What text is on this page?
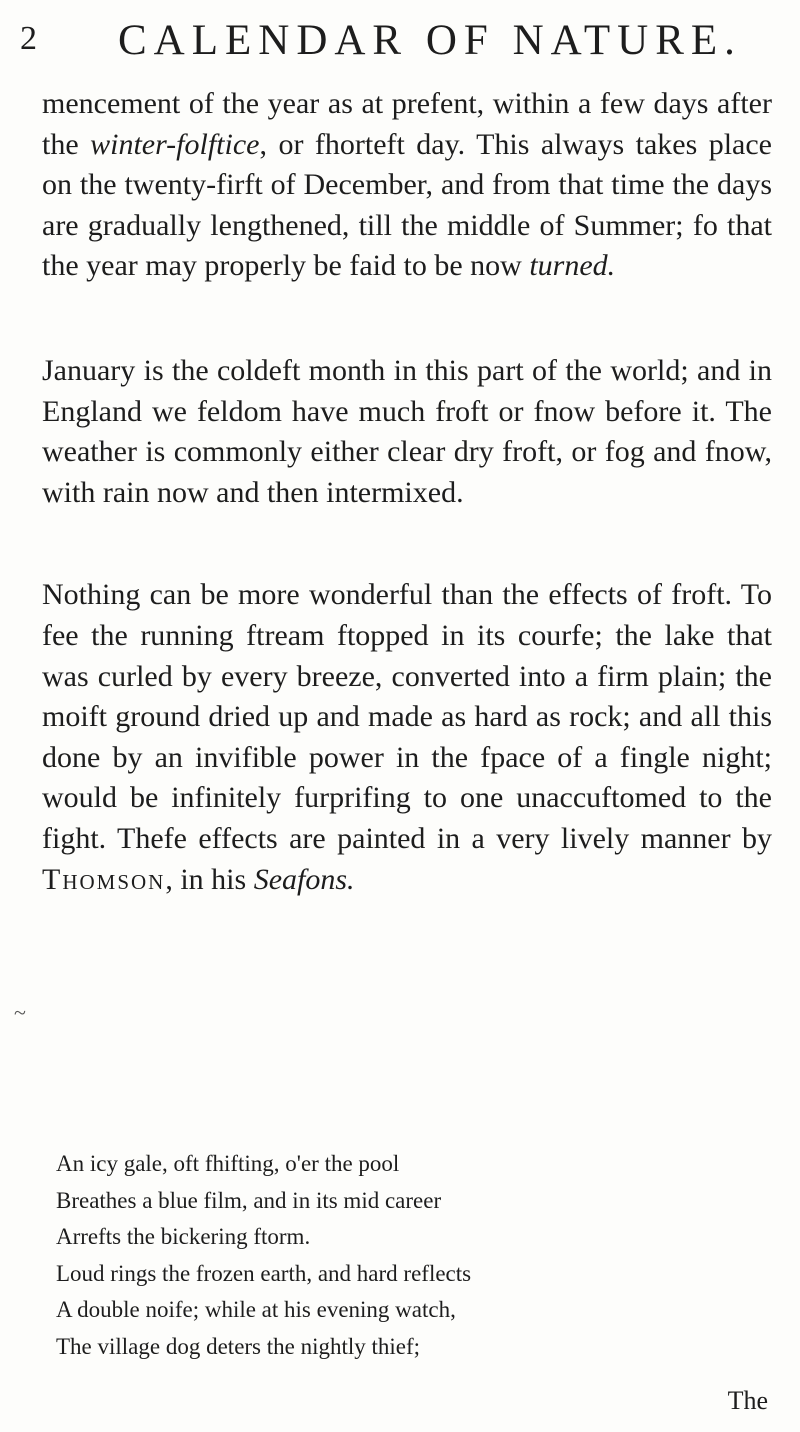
2 CALENDAR OF NATURE.

mencement of the year as at prefent, within a few days after the winter-folftice, or fhorteft day. This always takes place on the twenty-firft of December, and from that time the days are gradually lengthened, till the middle of Summer; fo that the year may properly be faid to be now turned.

January is the coldeft month in this part of the world; and in England we feldom have much froft or fnow before it. The weather is commonly either clear dry froft, or fog and fnow, with rain now and then intermixed.

Nothing can be more wonderful than the effects of froft. To fee the running ftream ftopped in its courfe; the lake that was curled by every breeze, converted into a firm plain; the moift ground dried up and made as hard as rock; and all this done by an invifible power in the fpace of a fingle night; would be infinitely furprifing to one unaccuftomed to the fight. Thefe effects are painted in a very lively manner by Thomson, in his Seafons.

~
An icy gale, oft fhifting, o'er the pool
Breathes a blue film, and in its mid career
Arrefts the bickering ftorm.
Loud rings the frozen earth, and hard reflects
A double noife; while at his evening watch,
The village dog deters the nightly thief;
The
